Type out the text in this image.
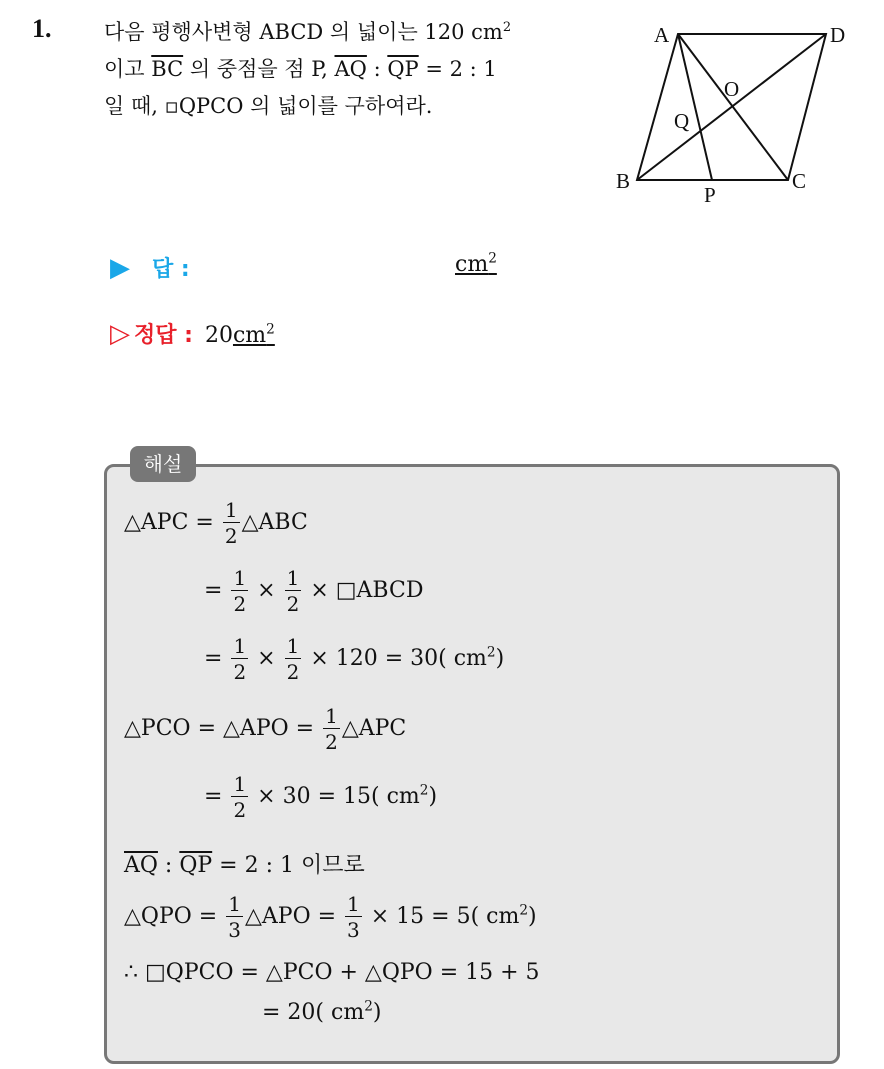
1.	다음 평행사변형 ABCD 의 넓이는 120 $cm^2$
이고 $\overline{BC}$ 의 중점을 점 P, $\overline{AQ}$ : $\overline{QP} = 2$ : 1
일 때, ▫QPCO 의 넓이를 구하여라.
A	D
B	C
O
P
Q
▶ 답 :	$cm^2$
▷ 정답 : $20cm^2$
해설
△APC = $\frac{1}{2}$ △ABC
= $\frac{1}{2} \times \frac{1}{2}$ × □ABCD
= $\frac{1}{2} \times \frac{1}{2} \times 120 = 30$( $cm^2$)
△PCO = △APO = $\frac{1}{2}$ △APC
= $\frac{1}{2} \times 30 = 15$( $cm^2$)
$\overline{AQ}$ : $\overline{QP} = 2$ : 1 이므로
△QPO = $\frac{1}{3}$ △APO = $\frac{1}{3} \times 15 = 5$( $cm^2$)
∴ □QPCO = △PCO + △QPO = 15 + 5
= 20( $cm^2$)
